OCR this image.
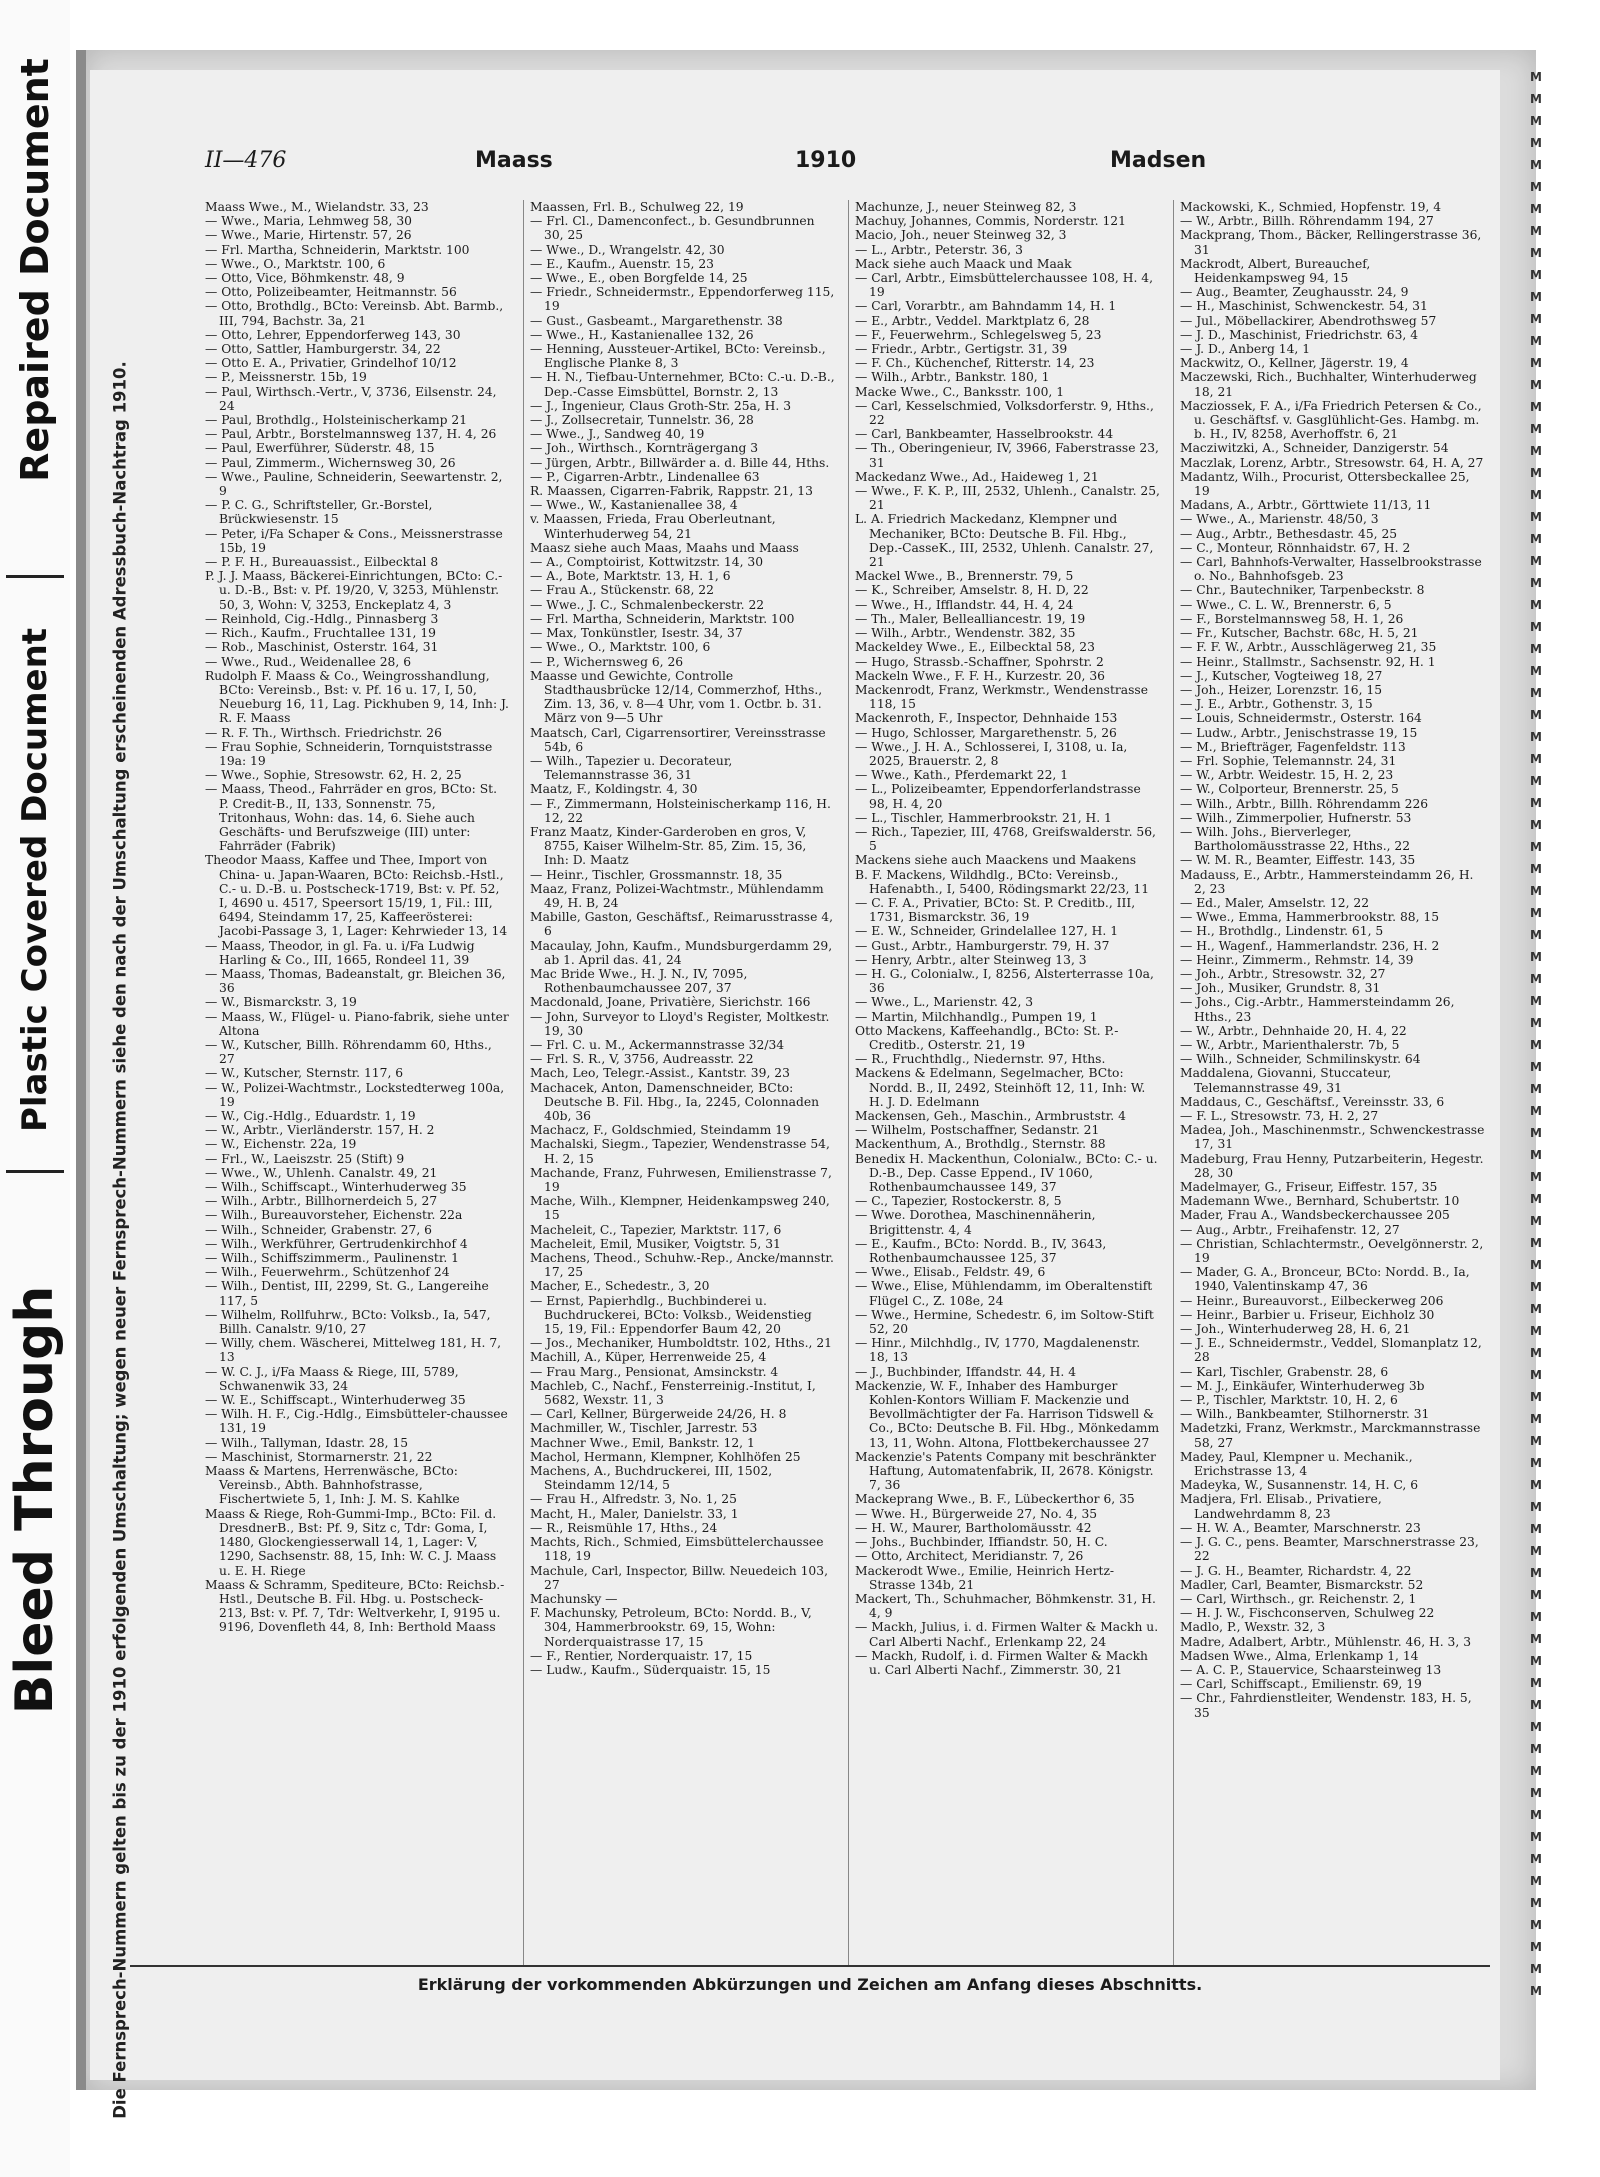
Repaired Document
Plastic Covered Document
Bleed Through
II—476	Maass	1910	Madsen
Die Fernsprech-Nummern gelten bis zu der 1910 erfolgenden Umschaltung; wegen neuer Fernsprech-Nummern siehe den nach der Umschaltung erscheinenden Adressbuch-Nachtrag 1910.

Maass Wwe., M., Wielandstr. 33, 23

— Wwe., Maria, Lehmweg 58, 30

— Wwe., Marie, Hirtenstr. 57, 26

— Frl. Martha, Schneiderin, Marktstr. 100

— Wwe., O., Marktstr. 100, 6

— Otto, Vice, Böhmkenstr. 48, 9

— Otto, Polizeibeamter, Heitmannstr. 56

— Otto, Brothdlg., BCto: Vereinsb. Abt. Barmb., III, 794, Bachstr. 3a, 21

— Otto, Lehrer, Eppendorferweg 143, 30

— Otto, Sattler, Hamburgerstr. 34, 22

— Otto E. A., Privatier, Grindelhof 10/12

— P., Meissnerstr. 15b, 19

— Paul, Wirthsch.-Vertr., V, 3736, Eilsenstr. 24, 24

— Paul, Brothdlg., Holsteinischerkamp 21

— Paul, Arbtr., Borstelmannsweg 137, H. 4, 26

— Paul, Ewerführer, Süderstr. 48, 15

— Paul, Zimmerm., Wichernsweg 30, 26

— Wwe., Pauline, Schneiderin, Seewartenstr. 2, 9

— P. C. G., Schriftsteller, Gr.-Borstel, Brückwiesenstr. 15

— Peter, i/Fa Schaper & Cons., Meissnerstrasse 15b, 19

— P. F. H., Bureauassist., Eilbecktal 8

P. J. J. Maass, Bäckerei-Einrichtungen, BCto: C.-u. D.-B., Bst: v. Pf. 19/20, V, 3253, Mühlenstr. 50, 3, Wohn: V, 3253, Enckeplatz 4, 3

— Reinhold, Cig.-Hdlg., Pinnasberg 3

— Rich., Kaufm., Fruchtallee 131, 19

— Rob., Maschinist, Osterstr. 164, 31

— Wwe., Rud., Weidenallee 28, 6

Rudolph F. Maass & Co., Weingrosshandlung, BCto: Vereinsb., Bst: v. Pf. 16 u. 17, I, 50, Neueburg 16, 11, Lag. Pickhuben 9, 14, Inh: J. R. F. Maass

— R. F. Th., Wirthsch. Friedrichstr. 26

— Frau Sophie, Schneiderin, Tornquiststrasse 19a: 19

— Wwe., Sophie, Stresowstr. 62, H. 2, 25

— Maass, Theod., Fahrräder en gros, BCto: St. P. Credit-B., II, 133, Sonnenstr. 75, Tritonhaus, Wohn: das. 14, 6. Siehe auch Geschäfts- und Berufszweige (III) unter: Fahrräder (Fabrik)

Theodor Maass, Kaffee und Thee, Import von China- u. Japan-Waaren, BCto: Reichsb.-Hstl., C.- u. D.-B. u. Postscheck-1719, Bst: v. Pf. 52, I, 4690 u. 4517, Speersort 15/19, 1, Fil.: III, 6494, Steindamm 17, 25, Kaffeerösterei: Jacobi-Passage 3, 1, Lager: Kehrwieder 13, 14

— Maass, Theodor, in gl. Fa. u. i/Fa Ludwig Harling & Co., III, 1665, Rondeel 11, 39

— Maass, Thomas, Badeanstalt, gr. Bleichen 36, 36

— W., Bismarckstr. 3, 19

— Maass, W., Flügel- u. Piano-fabrik, siehe unter Altona

— W., Kutscher, Billh. Röhrendamm 60, Hths., 27

— W., Kutscher, Sternstr. 117, 6

— W., Polizei-Wachtmstr., Lockstedterweg 100a, 19

— W., Cig.-Hdlg., Eduardstr. 1, 19

— W., Arbtr., Vierländerstr. 157, H. 2

— W., Eichenstr. 22a, 19

— Frl., W., Laeiszstr. 25 (Stift) 9

— Wwe., W., Uhlenh. Canalstr. 49, 21

— Wilh., Schiffscapt., Winterhuderweg 35

— Wilh., Arbtr., Billhornerdeich 5, 27

— Wilh., Bureauvorsteher, Eichenstr. 22a

— Wilh., Schneider, Grabenstr. 27, 6

— Wilh., Werkführer, Gertrudenkirchhof 4

— Wilh., Schiffszimmerm., Paulinenstr. 1

— Wilh., Feuerwehrm., Schützenhof 24

— Wilh., Dentist, III, 2299, St. G., Langereihe 117, 5

— Wilhelm, Rollfuhrw., BCto: Volksb., Ia, 547, Billh. Canalstr. 9/10, 27

— Willy, chem. Wäscherei, Mittelweg 181, H. 7, 13

— W. C. J., i/Fa Maass & Riege, III, 5789, Schwanenwik 33, 24

— W. E., Schiffscapt., Winterhuderweg 35

— Wilh. H. F., Cig.-Hdlg., Eimsbütteler-chaussee 131, 19

— Wilh., Tallyman, Idastr. 28, 15

— Maschinist, Stormarnerstr. 21, 22

Maass & Martens, Herrenwäsche, BCto: Vereinsb., Abth. Bahnhofstrasse, Fischertwiete 5, 1, Inh: J. M. S. Kahlke

Maass & Riege, Roh-Gummi-Imp., BCto: Fil. d. DresdnerB., Bst: Pf. 9, Sitz c, Tdr: Goma, I, 1480, Glockengiesserwall 14, 1, Lager: V, 1290, Sachsenstr. 88, 15, Inh: W. C. J. Maass u. E. H. Riege

Maass & Schramm, Spediteure, BCto: Reichsb.-Hstl., Deutsche B. Fil. Hbg. u. Postscheck-213, Bst: v. Pf. 7, Tdr: Weltverkehr, I, 9195 u. 9196, Dovenfleth 44, 8, Inh: Berthold Maass

Maassen, Frl. B., Schulweg 22, 19

— Frl. Cl., Damenconfect., b. Gesundbrunnen 30, 25

— Wwe., D., Wrangelstr. 42, 30

— E., Kaufm., Auenstr. 15, 23

— Wwe., E., oben Borgfelde 14, 25

— Friedr., Schneidermstr., Eppendorferweg 115, 19

— Gust., Gasbeamt., Margarethenstr. 38

— Wwe., H., Kastanienallee 132, 26

— Henning, Aussteuer-Artikel, BCto: Vereinsb., Englische Planke 8, 3

— H. N., Tiefbau-Unternehmer, BCto: C.-u. D.-B., Dep.-Casse Eimsbüttel, Bornstr. 2, 13

— J., Ingenieur, Claus Groth-Str. 25a, H. 3

— J., Zollsecretair, Tunnelstr. 36, 28

— Wwe., J., Sandweg 40, 19

— Joh., Wirthsch., Kornträgergang 3

— Jürgen, Arbtr., Billwärder a. d. Bille 44, Hths.

— P., Cigarren-Arbtr., Lindenallee 63

R. Maassen, Cigarren-Fabrik, Rappstr. 21, 13

— Wwe., W., Kastanienallee 38, 4

v. Maassen, Frieda, Frau Oberleutnant, Winterhuderweg 54, 21

Maasz siehe auch Maas, Maahs und Maass

— A., Comptoirist, Kottwitzstr. 14, 30

— A., Bote, Marktstr. 13, H. 1, 6

— Frau A., Stückenstr. 68, 22

— Wwe., J. C., Schmalenbeckerstr. 22

— Frl. Martha, Schneiderin, Marktstr. 100

— Max, Tonkünstler, Isestr. 34, 37

— Wwe., O., Marktstr. 100, 6

— P., Wichernsweg 6, 26

Maasse und Gewichte, Controlle Stadthausbrücke 12/14, Commerzhof, Hths., Zim. 13, 36, v. 8—4 Uhr, vom 1. Octbr. b. 31. März von 9—5 Uhr

Maatsch, Carl, Cigarrensortirer, Vereinsstrasse 54b, 6

— Wilh., Tapezier u. Decorateur, Telemannstrasse 36, 31

Maatz, F., Koldingstr. 4, 30

— F., Zimmermann, Holsteinischerkamp 116, H. 12, 22

Franz Maatz, Kinder-Garderoben en gros, V, 8755, Kaiser Wilhelm-Str. 85, Zim. 15, 36, Inh: D. Maatz

— Heinr., Tischler, Grossmannstr. 18, 35

Maaz, Franz, Polizei-Wachtmstr., Mühlendamm 49, H. B, 24

Mabille, Gaston, Geschäftsf., Reimarusstrasse 4, 6

Macaulay, John, Kaufm., Mundsburgerdamm 29, ab 1. April das. 41, 24

Mac Bride Wwe., H. J. N., IV, 7095, Rothenbaumchaussee 207, 37

Macdonald, Joane, Privatière, Sierichstr. 166

— John, Surveyor to Lloyd's Register, Moltkestr. 19, 30

— Frl. C. u. M., Ackermannstrasse 32/34

— Frl. S. R., V, 3756, Audreasstr. 22

Mach, Leo, Telegr.-Assist., Kantstr. 39, 23

Machacek, Anton, Damenschneider, BCto: Deutsche B. Fil. Hbg., Ia, 2245, Colonnaden 40b, 36

Machacz, F., Goldschmied, Steindamm 19

Machalski, Siegm., Tapezier, Wendenstrasse 54, H. 2, 15

Machande, Franz, Fuhrwesen, Emilienstrasse 7, 19

Mache, Wilh., Klempner, Heidenkampsweg 240, 15

Macheleit, C., Tapezier, Marktstr. 117, 6

Macheleit, Emil, Musiker, Voigtstr. 5, 31

Machens, Theod., Schuhw.-Rep., Ancke/mannstr. 17, 25

Macher, E., Schedestr., 3, 20

— Ernst, Papierhdlg., Buchbinderei u. Buchdruckerei, BCto: Volksb., Weidenstieg 15, 19, Fil.: Eppendorfer Baum 42, 20

— Jos., Mechaniker, Humboldtstr. 102, Hths., 21

Machill, A., Küper, Herrenweide 25, 4

— Frau Marg., Pensionat, Amsinckstr. 4

Machleb, C., Nachf., Fensterreinig.-Institut, I, 5682, Wexstr. 11, 3

— Carl, Kellner, Bürgerweide 24/26, H. 8

Machmiller, W., Tischler, Jarrestr. 53

Machner Wwe., Emil, Bankstr. 12, 1

Machol, Hermann, Klempner, Kohlhöfen 25

Machens, A., Buchdruckerei, III, 1502, Steindamm 12/14, 5

— Frau H., Alfredstr. 3, No. 1, 25

Macht, H., Maler, Danielstr. 33, 1

— R., Reismühle 17, Hths., 24

Machts, Rich., Schmied, Eimsbüttelerchaussee 118, 19

Machule, Carl, Inspector, Billw. Neuedeich 103, 27

Machunsky —

F. Machunsky, Petroleum, BCto: Nordd. B., V, 304, Hammerbrookstr. 69, 15, Wohn: Norderquaistrasse 17, 15

— F., Rentier, Norderquaistr. 17, 15

— Ludw., Kaufm., Süderquaistr. 15, 15

Machunze, J., neuer Steinweg 82, 3

Machuy, Johannes, Commis, Norderstr. 121

Macio, Joh., neuer Steinweg 32, 3

— L., Arbtr., Peterstr. 36, 3

Mack siehe auch Maack und Maak

— Carl, Arbtr., Eimsbüttelerchaussee 108, H. 4, 19

— Carl, Vorarbtr., am Bahndamm 14, H. 1

— E., Arbtr., Veddel. Marktplatz 6, 28

— F., Feuerwehrm., Schlegelsweg 5, 23

— Friedr., Arbtr., Gertigstr. 31, 39

— F. Ch., Küchenchef, Ritterstr. 14, 23

— Wilh., Arbtr., Bankstr. 180, 1

Macke Wwe., C., Banksstr. 100, 1

— Carl, Kesselschmied, Volksdorferstr. 9, Hths., 22

— Carl, Bankbeamter, Hasselbrookstr. 44

— Th., Oberingenieur, IV, 3966, Faberstrasse 23, 31

Mackedanz Wwe., Ad., Haideweg 1, 21

— Wwe., F. K. P., III, 2532, Uhlenh., Canalstr. 25, 21

L. A. Friedrich Mackedanz, Klempner und Mechaniker, BCto: Deutsche B. Fil. Hbg., Dep.-CasseK., III, 2532, Uhlenh. Canalstr. 27, 21

Mackel Wwe., B., Brennerstr. 79, 5

— K., Schreiber, Amselstr. 8, H. D, 22

— Wwe., H., Ifflandstr. 44, H. 4, 24

— Th., Maler, Bellealliancestr. 19, 19

— Wilh., Arbtr., Wendenstr. 382, 35

Mackeldey Wwe., E., Eilbecktal 58, 23

— Hugo, Strassb.-Schaffner, Spohrstr. 2

Mackeln Wwe., F. F. H., Kurzestr. 20, 36

Mackenrodt, Franz, Werkmstr., Wendenstrasse 118, 15

Mackenroth, F., Inspector, Dehnhaide 153

— Hugo, Schlosser, Margarethenstr. 5, 26

— Wwe., J. H. A., Schlosserei, I, 3108, u. Ia, 2025, Brauerstr. 2, 8

— Wwe., Kath., Pferdemarkt 22, 1

— L., Polizeibeamter, Eppendorferlandstrasse 98, H. 4, 20

— L., Tischler, Hammerbrookstr. 21, H. 1

— Rich., Tapezier, III, 4768, Greifswalderstr. 56, 5

Mackens siehe auch Maackens und Maakens

B. F. Mackens, Wildhdlg., BCto: Vereinsb., Hafenabth., I, 5400, Rödingsmarkt 22/23, 11

— C. F. A., Privatier, BCto: St. P. Creditb., III, 1731, Bismarckstr. 36, 19

— E. W., Schneider, Grindelallee 127, H. 1

— Gust., Arbtr., Hamburgerstr. 79, H. 37

— Henry, Arbtr., alter Steinweg 13, 3

— H. G., Colonialw., I, 8256, Alsterterrasse 10a, 36

— Wwe., L., Marienstr. 42, 3

— Martin, Milchhandlg., Pumpen 19, 1

Otto Mackens, Kaffeehandlg., BCto: St. P.-Creditb., Osterstr. 21, 19

— R., Fruchthdlg., Niedernstr. 97, Hths.

Mackens & Edelmann, Segelmacher, BCto: Nordd. B., II, 2492, Steinhöft 12, 11, Inh: W. H. J. D. Edelmann

Mackensen, Geh., Maschin., Armbruststr. 4

— Wilhelm, Postschaffner, Sedanstr. 21

Mackenthum, A., Brothdlg., Sternstr. 88

Benedix H. Mackenthun, Colonialw., BCto: C.- u. D.-B., Dep. Casse Eppend., IV 1060, Rothenbaumchaussee 149, 37

— C., Tapezier, Rostockerstr. 8, 5

— Wwe. Dorothea, Maschinennäherin, Brigittenstr. 4, 4

— E., Kaufm., BCto: Nordd. B., IV, 3643, Rothenbaumchaussee 125, 37

— Wwe., Elisab., Feldstr. 49, 6

— Wwe., Elise, Mühlendamm, im Oberaltenstift Flügel C., Z. 108e, 24

— Wwe., Hermine, Schedestr. 6, im Soltow-Stift 52, 20

— Hinr., Milchhdlg., IV, 1770, Magdalenenstr. 18, 13

— J., Buchbinder, Iffandstr. 44, H. 4

Mackenzie, W. F., Inhaber des Hamburger Kohlen-Kontors William F. Mackenzie und Bevollmächtigter der Fa. Harrison Tidswell & Co., BCto: Deutsche B. Fil. Hbg., Mönkedamm 13, 11, Wohn. Altona, Flottbekerchaussee 27

Mackenzie's Patents Company mit beschränkter Haftung, Automatenfabrik, II, 2678. Königstr. 7, 36

Mackeprang Wwe., B. F., Lübeckerthor 6, 35

— Wwe. H., Bürgerweide 27, No. 4, 35

— H. W., Maurer, Bartholomäusstr. 42

— Johs., Buchbinder, Iffiandstr. 50, H. C.

— Otto, Architect, Meridianstr. 7, 26

Mackerodt Wwe., Emilie, Heinrich Hertz-Strasse 134b, 21

Mackert, Th., Schuhmacher, Böhmkenstr. 31, H. 4, 9

— Mackh, Julius, i. d. Firmen Walter & Mackh u. Carl Alberti Nachf., Erlenkamp 22, 24

— Mackh, Rudolf, i. d. Firmen Walter & Mackh u. Carl Alberti Nachf., Zimmerstr. 30, 21

Mackowski, K., Schmied, Hopfenstr. 19, 4

— W., Arbtr., Billh. Röhrendamm 194, 27

Mackprang, Thom., Bäcker, Rellingerstrasse 36, 31

Mackrodt, Albert, Bureauchef, Heidenkampsweg 94, 15

— Aug., Beamter, Zeughausstr. 24, 9

— H., Maschinist, Schwenckestr. 54, 31

— Jul., Möbellackirer, Abendrothsweg 57

— J. D., Maschinist, Friedrichstr. 63, 4

— J. D., Anberg 14, 1

Mackwitz, O., Kellner, Jägerstr. 19, 4

Maczewski, Rich., Buchhalter, Winterhuderweg 18, 21

Macziossek, F. A., i/Fa Friedrich Petersen & Co., u. Geschäftsf. v. Gasglühlicht-Ges. Hambg. m. b. H., IV, 8258, Averhoffstr. 6, 21

Macziwitzki, A., Schneider, Danzigerstr. 54

Maczlak, Lorenz, Arbtr., Stresowstr. 64, H. A, 27

Madantz, Wilh., Procurist, Ottersbeckallee 25, 19

Madans, A., Arbtr., Görttwiete 11/13, 11

— Wwe., A., Marienstr. 48/50, 3

— Aug., Arbtr., Bethesdastr. 45, 25

— C., Monteur, Rönnhaidstr. 67, H. 2

— Carl, Bahnhofs-Verwalter, Hasselbrookstrasse o. No., Bahnhofsgeb. 23

— Chr., Bautechniker, Tarpenbeckstr. 8

— Wwe., C. L. W., Brennerstr. 6, 5

— F., Borstelmannsweg 58, H. 1, 26

— Fr., Kutscher, Bachstr. 68c, H. 5, 21

— F. F. W., Arbtr., Ausschlägerweg 21, 35

— Heinr., Stallmstr., Sachsenstr. 92, H. 1

— J., Kutscher, Vogteiweg 18, 27

— Joh., Heizer, Lorenzstr. 16, 15

— J. E., Arbtr., Gothenstr. 3, 15

— Louis, Schneidermstr., Osterstr. 164

— Ludw., Arbtr., Jenischstrasse 19, 15

— M., Briefträger, Fagenfeldstr. 113

— Frl. Sophie, Telemannstr. 24, 31

— W., Arbtr. Weidestr. 15, H. 2, 23

— W., Colporteur, Brennerstr. 25, 5

— Wilh., Arbtr., Billh. Röhrendamm 226

— Wilh., Zimmerpolier, Hufnerstr. 53

— Wilh. Johs., Bierverleger, Bartholomäusstrasse 22, Hths., 22

— W. M. R., Beamter, Eiffestr. 143, 35

Madauss, E., Arbtr., Hammersteindamm 26, H. 2, 23

— Ed., Maler, Amselstr. 12, 22

— Wwe., Emma, Hammerbrookstr. 88, 15

— H., Brothdlg., Lindenstr. 61, 5

— H., Wagenf., Hammerlandstr. 236, H. 2

— Heinr., Zimmerm., Rehmstr. 14, 39

— Joh., Arbtr., Stresowstr. 32, 27

— Joh., Musiker, Grundstr. 8, 31

— Johs., Cig.-Arbtr., Hammersteindamm 26, Hths., 23

— W., Arbtr., Dehnhaide 20, H. 4, 22

— W., Arbtr., Marienthalerstr. 7b, 5

— Wilh., Schneider, Schmilinskystr. 64

Maddalena, Giovanni, Stuccateur, Telemannstrasse 49, 31

Maddaus, C., Geschäftsf., Vereinsstr. 33, 6

— F. L., Stresowstr. 73, H. 2, 27

Madea, Joh., Maschinenmstr., Schwenckestrasse 17, 31

Madeburg, Frau Henny, Putzarbeiterin, Hegestr. 28, 30

Madelmayer, G., Friseur, Eiffestr. 157, 35

Mademann Wwe., Bernhard, Schubertstr. 10

Mader, Frau A., Wandsbeckerchaussee 205

— Aug., Arbtr., Freihafenstr. 12, 27

— Christian, Schlachtermstr., Oevelgönnerstr. 2, 19

— Mader, G. A., Bronceur, BCto: Nordd. B., Ia, 1940, Valentinskamp 47, 36

— Heinr., Bureauvorst., Eilbeckerweg 206

— Heinr., Barbier u. Friseur, Eichholz 30

— Joh., Winterhuderweg 28, H. 6, 21

— J. E., Schneidermstr., Veddel, Slomanplatz 12, 28

— Karl, Tischler, Grabenstr. 28, 6

— M. J., Einkäufer, Winterhuderweg 3b

— P., Tischler, Marktstr. 10, H. 2, 6

— Wilh., Bankbeamter, Stilhornerstr. 31

Madetzki, Franz, Werkmstr., Marckmannstrasse 58, 27

Madey, Paul, Klempner u. Mechanik., Erichstrasse 13, 4

Madeyka, W., Susannenstr. 14, H. C, 6

Madjera, Frl. Elisab., Privatiere, Landwehrdamm 8, 23

— H. W. A., Beamter, Marschnerstr. 23

— J. G. C., pens. Beamter, Marschnerstrasse 23, 22

— J. G. H., Beamter, Richardstr. 4, 22

Madler, Carl, Beamter, Bismarckstr. 52

— Carl, Wirthsch., gr. Reichenstr. 2, 1

— H. J. W., Fischconserven, Schulweg 22

Madlo, P., Wexstr. 32, 3

Madre, Adalbert, Arbtr., Mühlenstr. 46, H. 3, 3

Madsen Wwe., Alma, Erlenkamp 1, 14

— A. C. P., Stauervice, Schaarsteinweg 13

— Carl, Schiffscapt., Emilienstr. 69, 19

— Chr., Fahrdienstleiter, Wendenstr. 183, H. 5, 35

Erklärung der vorkommenden Abkürzungen und Zeichen am Anfang dieses Abschnitts.
M
M
M
M
M
M
M
M
M
M
M
M
M
M
M
M
M
M
M
M
M
M
M
M
M
M
M
M
M
M
M
M
M
M
M
M
M
M
M
M
M
M
M
M
M
M
M
M
M
M
M
M
M
M
M
M
M
M
M
M
M
M
M
M
M
M
M
M
M
M
M
M
M
M
M
M
M
M
M
M
M
M
M
M
M
M
M
M
